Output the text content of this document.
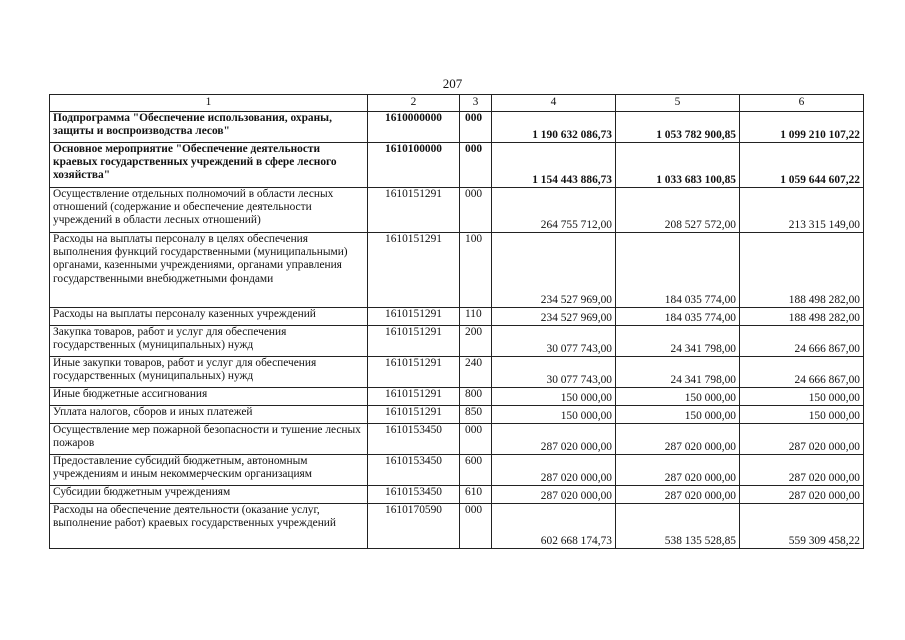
207
1	2	3	4	5	6
Подпрограмма "Обеспечение использования, охраны, защиты и воспроизводства лесов"	1610000000	000	1 190 632 086,73	1 053 782 900,85	1 099 210 107,22
Основное мероприятие "Обеспечение деятельности краевых государственных учреждений в сфере лесного хозяйства"	1610100000	000	1 154 443 886,73	1 033 683 100,85	1 059 644 607,22
Осуществление отдельных полномочий в области лесных отношений (содержание и обеспечение деятельности учреждений в области лесных отношений)	1610151291	000	264 755 712,00	208 527 572,00	213 315 149,00
Расходы на выплаты персоналу в целях обеспечения выполнения функций государственными (муниципальными) органами, казенными учреждениями, органами управления государственными внебюджетными фондами	1610151291	100	234 527 969,00	184 035 774,00	188 498 282,00
Расходы на выплаты персоналу казенных учреждений	1610151291	110	234 527 969,00	184 035 774,00	188 498 282,00
Закупка товаров, работ и услуг для обеспечения государственных (муниципальных) нужд	1610151291	200	30 077 743,00	24 341 798,00	24 666 867,00
Иные закупки товаров, работ и услуг для обеспечения государственных (муниципальных) нужд	1610151291	240	30 077 743,00	24 341 798,00	24 666 867,00
Иные бюджетные ассигнования	1610151291	800	150 000,00	150 000,00	150 000,00
Уплата налогов, сборов и иных платежей	1610151291	850	150 000,00	150 000,00	150 000,00
Осуществление мер пожарной безопасности и тушение лесных пожаров	1610153450	000	287 020 000,00	287 020 000,00	287 020 000,00
Предоставление субсидий бюджетным, автономным учреждениям и иным некоммерческим организациям	1610153450	600	287 020 000,00	287 020 000,00	287 020 000,00
Субсидии бюджетным учреждениям	1610153450	610	287 020 000,00	287 020 000,00	287 020 000,00
Расходы на обеспечение деятельности (оказание услуг, выполнение работ) краевых государственных учреждений	1610170590	000	602 668 174,73	538 135 528,85	559 309 458,22
